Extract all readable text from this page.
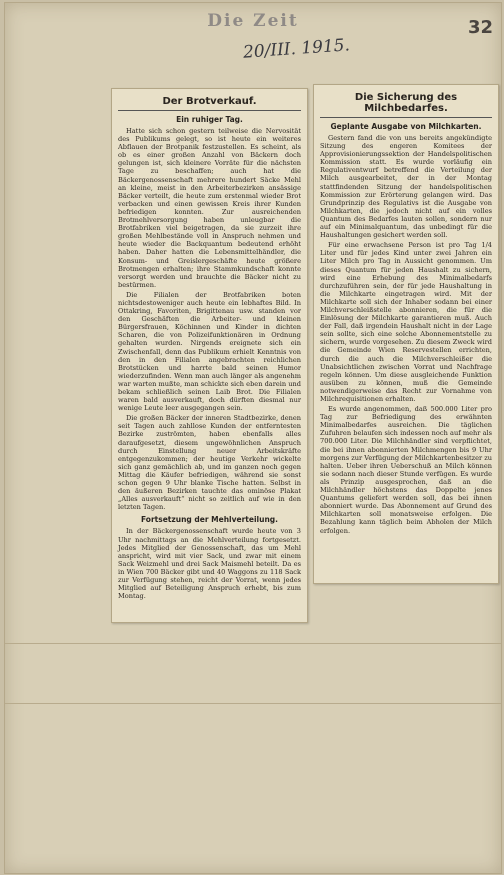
Die Zeit	32
20/III. 1915.
Der Brotverkauf.
Ein ruhiger Tag.

Hatte sich schon gestern teilweise die Nervosität des Publikums gelegt, so ist heute ein weiteres Abflauen der Brotpanik festzustellen. Es scheint, als ob es einer großen Anzahl von Bäckern doch gelungen ist, sich kleinere Vorräte für die nächsten Tage zu beschaffen; auch hat die Bäckergenossenschaft mehrere hundert Säcke Mehl an kleine, meist in den Arbeiterbezirken ansässige Bäcker verteilt, die heute zum erstenmal wieder Brot verbacken und einen gewissen Kreis ihrer Kunden befriedigen konnten. Zur ausreichenden Brotmehlversorgung haben unleugbar die Brotfabriken viel beigetragen, da sie zurzeit ihre großen Mehlbestände voll in Anspruch nehmen und heute wieder die Backquantum bedeutend erhöht haben. Daher hatten die Lebensmittelhändler, die Konsum- und Greislergeschäfte heute größere Brotmengen erhalten; ihre Stammkundschaft konnte versorgt werden und brauchte die Bäcker nicht zu bestürmen.

Die Filialen der Brotfabriken boten nichtsdestoweniger auch heute ein lebhaftes Bild. In Ottakring, Favoriten, Brigittenau usw. standen vor den Geschäften die Arbeiter- und kleinen Bürgersfrauen, Köchinnen und Kinder in dichten Scharen, die von Polizeifunktionären in Ordnung gehalten wurden. Nirgends ereignete sich ein Zwischenfall, denn das Publikum erhielt Kenntnis von den in den Filialen angebrachten reichlichen Brotstücken und harrte bald seinen Humor wiederzufinden. Wenn man auch länger als angenehm war warten mußte, man schickte sich eben darein und bekam schließlich seinen Laib Brot. Die Filialen waren bald ausverkauft, doch dürften diesmal nur wenige Leute leer ausgegangen sein.

Die großen Bäcker der inneren Stadtbezirke, denen seit Tagen auch zahllose Kunden der entferntesten Bezirke zuströmten, haben ebenfalls alles daraufgesetzt, diesem ungewöhnlichen Anspruch durch Einstellung neuer Arbeitskräfte entgegenzukommen; der heutige Verkehr wickelte sich ganz gemächlich ab, und im ganzen noch gegen Mittag die Käufer befriedigen, während sie sonst schon gegen 9 Uhr blanke Tische hatten. Selbst in den äußeren Bezirken tauchte das ominöse Plakat „Alles ausverkauft“ nicht so zeitlich auf wie in den letzten Tagen.

Fortsetzung der Mehlverteilung.

In der Bäckergenossenschaft wurde heute von 3 Uhr nachmittags an die Mehlverteilung fortgesetzt. Jedes Mitglied der Genossenschaft, das um Mehl anspricht, wird mit vier Sack, und zwar mit einem Sack Weizmehl und drei Sack Maismehl beteilt. Da es in Wien 700 Bäcker gibt und 40 Waggons zu 118 Sack zur Verfügung stehen, reicht der Vorrat, wenn jedes Mitglied auf Beteiligung Anspruch erhebt, bis zum Montag.

Die Sicherung des Milchbedarfes.
Geplante Ausgabe von Milchkarten.

Gestern fand die von uns bereits angekündigte Sitzung des engeren Komitees der Approvisionierungssektion der Handelspolitischen Kommission statt. Es wurde vorläufig ein Regulativentwurf betreffend die Verteilung der Milch ausgearbeitet, der in der Montag stattfindenden Sitzung der handelspolitischen Kommission zur Erörterung gelangen wird. Das Grundprinzip des Regulativs ist die Ausgabe von Milchkarten, die jedoch nicht auf ein volles Quantum des Bedarfes lauten sollen, sondern nur auf ein Minimalquantum, das unbedingt für die Haushaltungen gesichert werden soll.

Für eine erwachsene Person ist pro Tag 1/4 Liter und für jedes Kind unter zwei Jahren ein Liter Milch pro Tag in Aussicht genommen. Um dieses Quantum für jeden Haushalt zu sichern, wird eine Erhebung des Minimalbedarfs durchzuführen sein, der für jede Haushaltung in die Milchkarte eingetragen wird. Mit der Milchkarte soll sich der Inhaber sodann bei einer Milchverschleißstelle abonnieren, die für die Einlösung der Milchkarte garantieren muß. Auch der Fall, daß irgendein Haushalt nicht in der Lage sein sollte, sich eine solche Abonnementstelle zu sichern, wurde vorgesehen. Zu diesem Zweck wird die Gemeinde Wien Reservestellen errichten, durch die auch die Milchverschleißer die Unabsichtlichen zwischen Vorrat und Nachfrage regeln können. Um diese ausgleichende Funktion ausüben zu können, muß die Gemeinde notwendigerweise das Recht zur Vornahme von Milchrequisitionen erhalten.

Es wurde angenommen, daß 500.000 Liter pro Tag zur Befriedigung des erwähnten Minimalbedarfes ausreichen. Die täglichen Zufuhren belaufen sich indessen noch auf mehr als 700.000 Liter. Die Milchhändler sind verpflichtet, die bei ihnen abonnierten Milchmengen bis 9 Uhr morgens zur Verfügung der Milchkartenbesitzer zu halten. Ueber ihren Ueberschuß an Milch können sie sodann nach dieser Stunde verfügen. Es wurde als Prinzip ausgesprochen, daß an die Milchhändler höchstens das Doppelte jenes Quantums geliefert werden soll, das bei ihnen abonniert wurde. Das Abonnement auf Grund des Milchkarten soll monatsweise erfolgen. Die Bezahlung kann täglich beim Abholen der Milch erfolgen.
